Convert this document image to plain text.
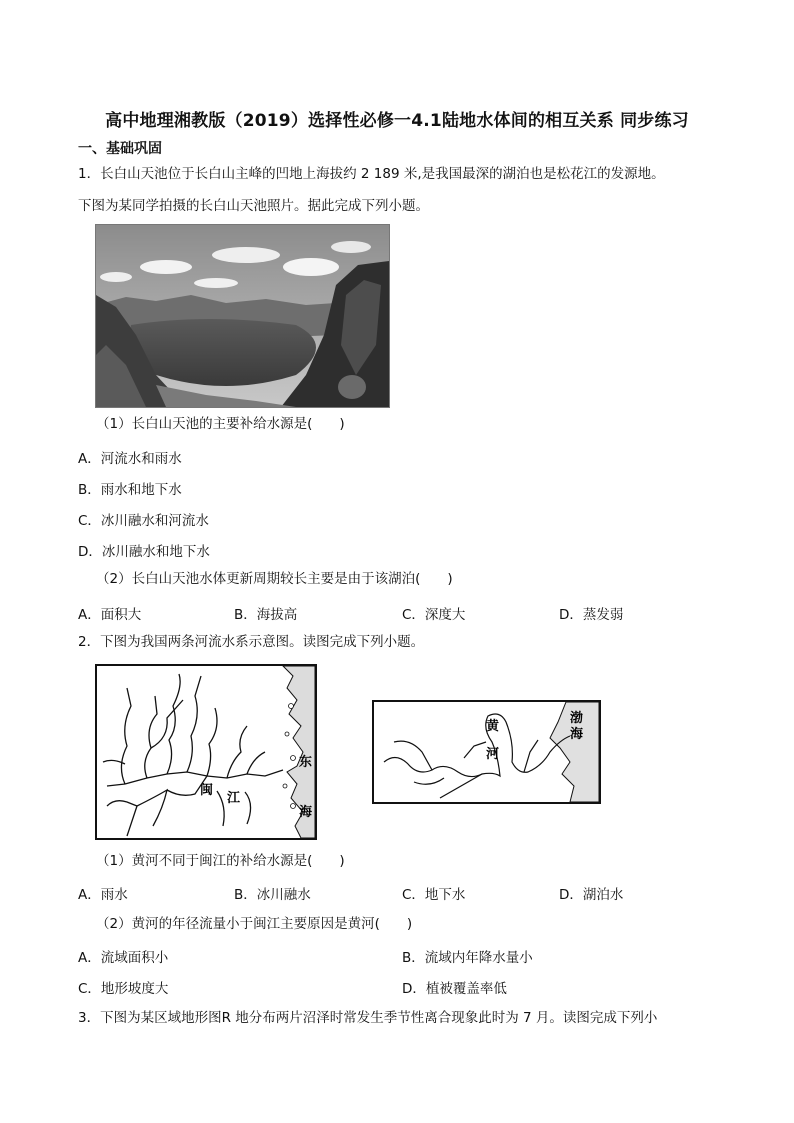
高中地理湘教版（2019）选择性必修一4.1陆地水体间的相互关系 同步练习
一、基础巩固
1．长白山天池位于长白山主峰的凹地上海拔约 2 189 米,是我国最深的湖泊也是松花江的发源地。
下图为某同学拍摄的长白山天池照片。据此完成下列小题。
（1）长白山天池的主要补给水源是(　　)
A．河流水和雨水
B．雨水和地下水
C．冰川融水和河流水
D．冰川融水和地下水
（2）长白山天池水体更新周期较长主要是由于该湖泊(　　)
A．面积大	B．海拔高	C．深度大	D．蒸发弱
2．下图为我国两条河流水系示意图。读图完成下列小题。
闽
江
东
海
黄
河
渤
海
（1）黄河不同于闽江的补给水源是(　　)
A．雨水	B．冰川融水	C．地下水	D．湖泊水
（2）黄河的年径流量小于闽江主要原因是黄河(　　)
A．流域面积小	B．流域内年降水量小
C．地形坡度大	D．植被覆盖率低
3．下图为某区域地形图R 地分布两片沼泽时常发生季节性离合现象此时为 7 月。读图完成下列小
